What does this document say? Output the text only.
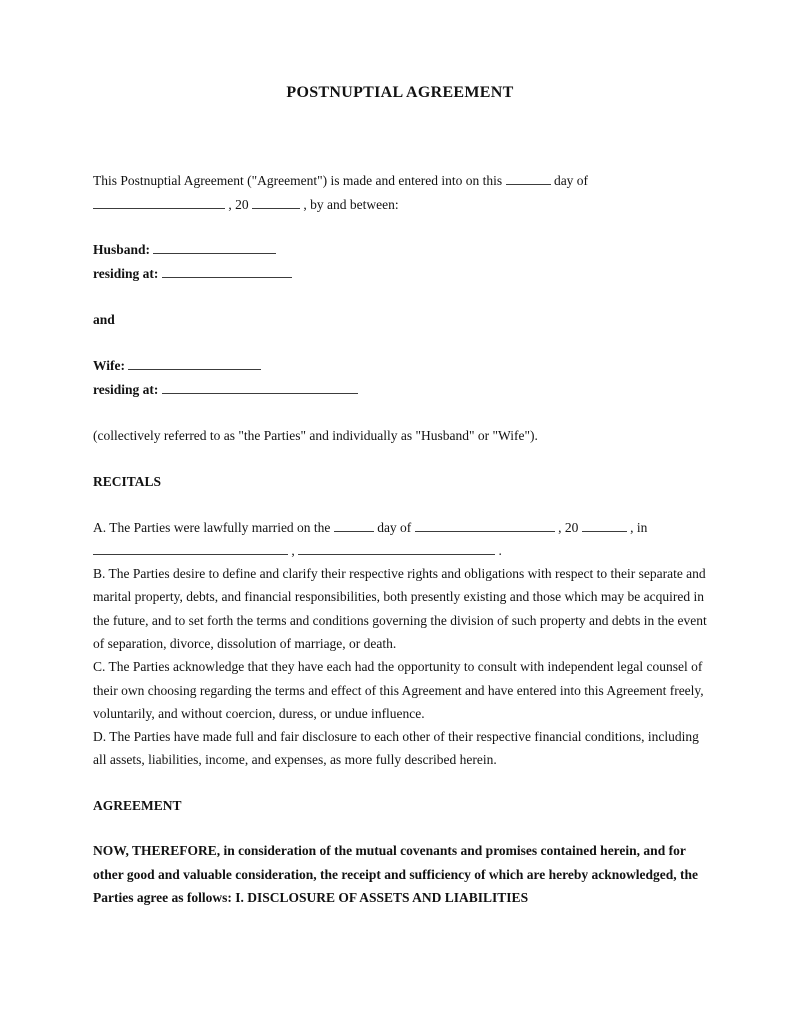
POSTNUPTIAL AGREEMENT

This Postnuptial Agreement ("Agreement") is made and entered into on this	day of  , 20	, by and between:

Husband:
residing at:
and
Wife:
residing at:

(collectively referred to as "the Parties" and individually as "Husband" or "Wife").

RECITALS

A. The Parties were lawfully married on the	day of	, 20	, in  ,	.

B. The Parties desire to define and clarify their respective rights and obligations with respect to their separate and marital property, debts, and financial responsibilities, both presently existing and those which may be acquired in the future, and to set forth the terms and conditions governing the division of such property and debts in the event of separation, divorce, dissolution of marriage, or death.

C. The Parties acknowledge that they have each had the opportunity to consult with independent legal counsel of their own choosing regarding the terms and effect of this Agreement and have entered into this Agreement freely, voluntarily, and without coercion, duress, or undue influence.

D. The Parties have made full and fair disclosure to each other of their respective financial conditions, including all assets, liabilities, income, and expenses, as more fully described herein.

AGREEMENT

NOW, THEREFORE, in consideration of the mutual covenants and promises contained herein, and for other good and valuable consideration, the receipt and sufficiency of which are hereby acknowledged, the Parties agree as follows: I. DISCLOSURE OF ASSETS AND LIABILITIES
